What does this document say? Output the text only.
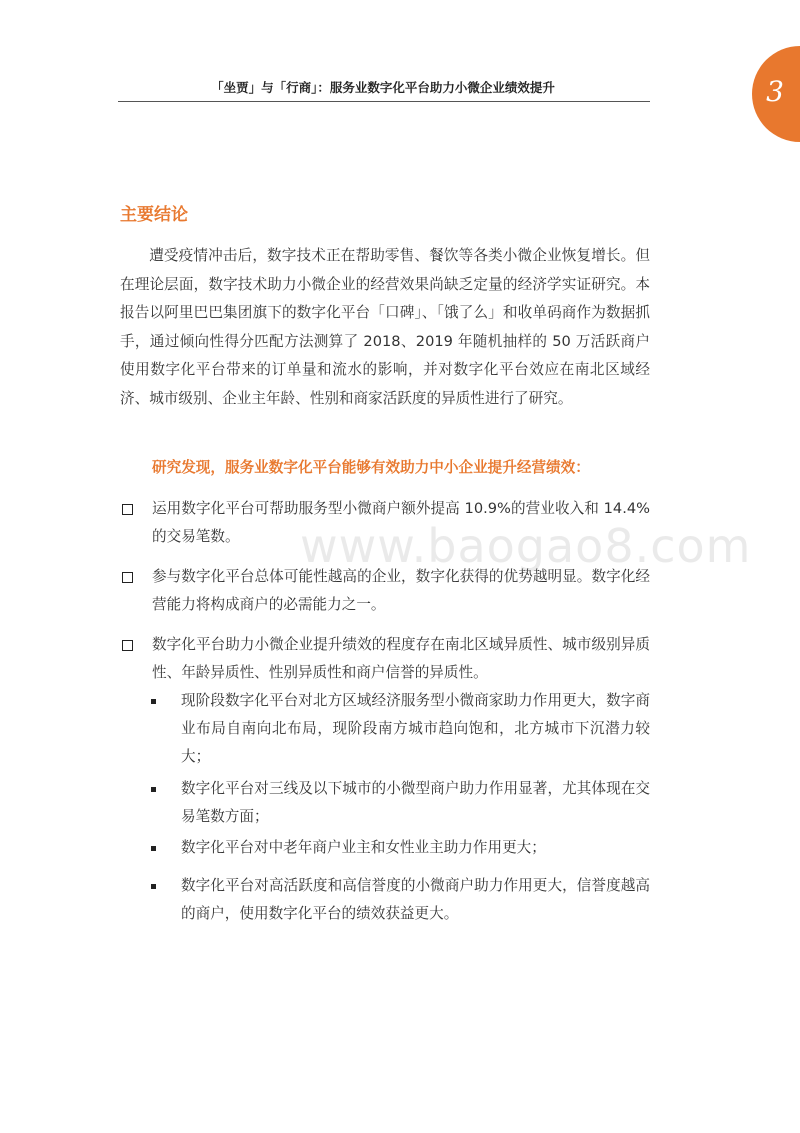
3
「坐贾」与「行商」：服务业数字化平台助力小微企业绩效提升
主要结论

遭受疫情冲击后，数字技术正在帮助零售、餐饮等各类小微企业恢复增长。但在理论层面，数字技术助力小微企业的经营效果尚缺乏定量的经济学实证研究。本报告以阿里巴巴集团旗下的数字化平台「口碑」、「饿了么」和收单码商作为数据抓手，通过倾向性得分匹配方法测算了 2018、2019 年随机抽样的 50 万活跃商户使用数字化平台带来的订单量和流水的影响，并对数字化平台效应在南北区域经济、城市级别、企业主年龄、性别和商家活跃度的异质性进行了研究。

研究发现，服务业数字化平台能够有效助力中小企业提升经营绩效：

运用数字化平台可帮助服务型小微商户额外提高 10.9%的营业收入和 14.4%的交易笔数。

参与数字化平台总体可能性越高的企业，数字化获得的优势越明显。数字化经营能力将构成商户的必需能力之一。

数字化平台助力小微企业提升绩效的程度存在南北区域异质性、城市级别异质性、年龄异质性、性别异质性和商户信誉的异质性。

现阶段数字化平台对北方区域经济服务型小微商家助力作用更大，数字商业布局自南向北布局，现阶段南方城市趋向饱和，北方城市下沉潜力较大；

数字化平台对三线及以下城市的小微型商户助力作用显著，尤其体现在交易笔数方面；

数字化平台对中老年商户业主和女性业主助力作用更大；

数字化平台对高活跃度和高信誉度的小微商户助力作用更大，信誉度越高的商户，使用数字化平台的绩效获益更大。

www.baogao8.com
